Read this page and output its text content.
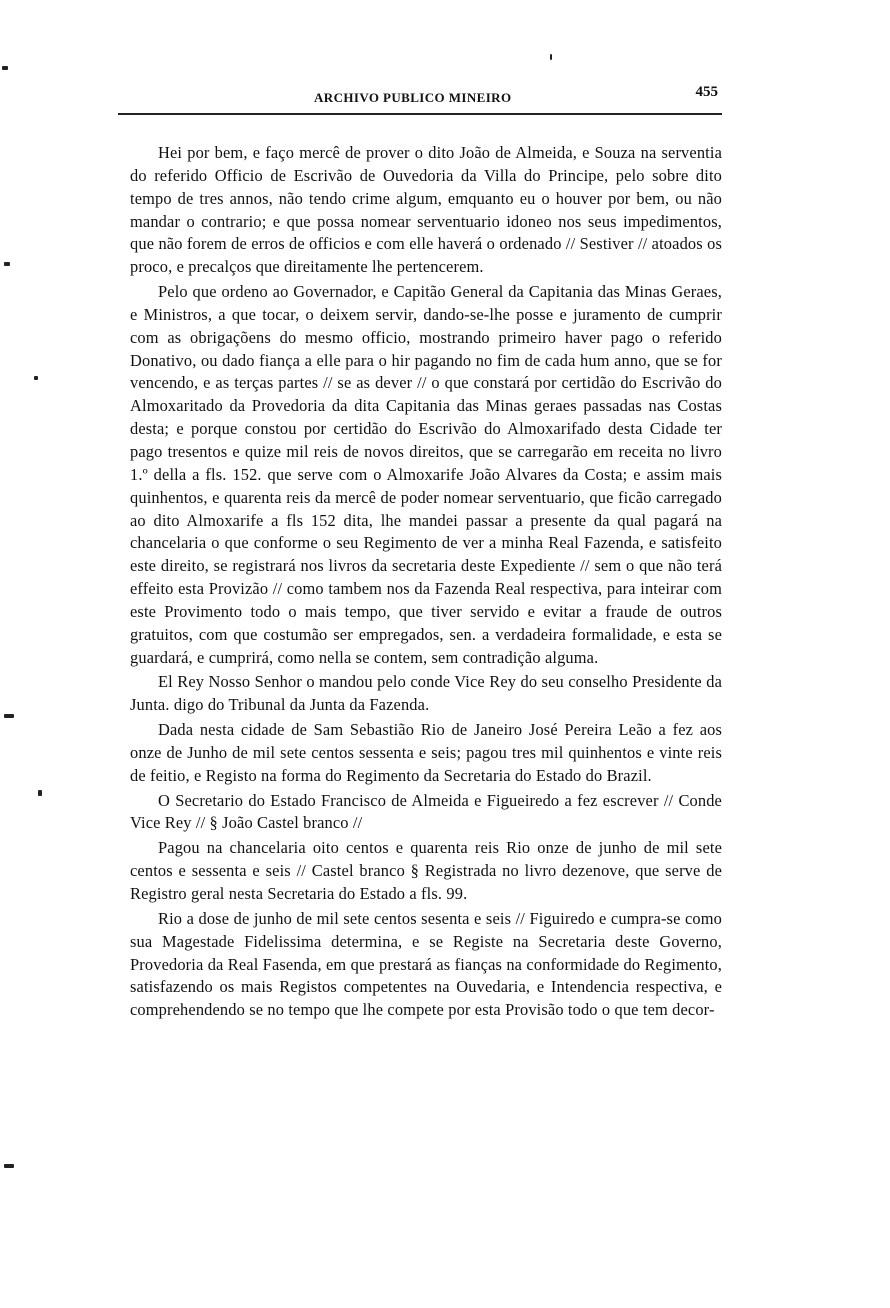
ARCHIVO PUBLICO MINEIRO	455

Hei por bem, e faço mercê de prover o dito João de Almeida, e Souza na serventia do referido Officio de Escrivão de Ouvedoria da Villa do Principe, pelo sobre dito tempo de tres annos, não tendo crime algum, emquanto eu o houver por bem, ou não mandar o contrario; e que possa nomear serventuario idoneo nos seus impedimentos, que não forem de erros de officios e com elle haverá o ordenado // Sestiver // atoados os proco, e precalços que direitamente lhe pertencerem.

Pelo que ordeno ao Governador, e Capitão General da Capitania das Minas Geraes, e Ministros, a que tocar, o deixem servir, dando-se-lhe posse e juramento de cumprir com as obrigaçõens do mesmo officio, mostrando primeiro haver pago o referido Donativo, ou dado fiança a elle para o hir pagando no fim de cada hum anno, que se for vencendo, e as terças partes // se as dever // o que constará por certidão do Escrivão do Almoxaritado da Provedoria da dita Capitania das Minas geraes passadas nas Costas desta; e porque constou por certidão do Escrivão do Almoxarifado desta Cidade ter pago tresentos e quize mil reis de novos direitos, que se carregarão em receita no livro 1.º della a fls. 152. que serve com o Almoxarife João Alvares da Costa; e assim mais quinhentos, e quarenta reis da mercê de poder nomear serventuario, que ficão carregado ao dito Almoxarife a fls 152 dita, lhe mandei passar a presente da qual pagará na chancelaria o que conforme o seu Regimento de ver a minha Real Fazenda, e satisfeito este direito, se registrará nos livros da secretaria deste Expediente // sem o que não terá effeito esta Provizão // como tambem nos da Fazenda Real respectiva, para inteirar com este Provimento todo o mais tempo, que tiver servido e evitar a fraude de outros gratuitos, com que costumão ser empregados, sen. a verdadeira formalidade, e esta se guardará, e cumprirá, como nella se contem, sem contradição alguma.

El Rey Nosso Senhor o mandou pelo conde Vice Rey do seu conselho Presidente da Junta. digo do Tribunal da Junta da Fazenda.

Dada nesta cidade de Sam Sebastião Rio de Janeiro José Pereira Leão a fez aos onze de Junho de mil sete centos sessenta e seis; pagou tres mil quinhentos e vinte reis de feitio, e Registo na forma do Regimento da Secretaria do Estado do Brazil.

O Secretario do Estado Francisco de Almeida e Figueiredo a fez escrever // Conde Vice Rey // § João Castel branco //

Pagou na chancelaria oito centos e quarenta reis Rio onze de junho de mil sete centos e sessenta e seis // Castel branco § Registrada no livro dezenove, que serve de Registro geral nesta Secretaria do Estado a fls. 99.

Rio a dose de junho de mil sete centos sesenta e seis // Figuiredo e cumpra-se como sua Magestade Fidelissima determina, e se Registe na Secretaria deste Governo, Provedoria da Real Fasenda, em que prestará as fianças na conformidade do Regimento, satisfazendo os mais Registos competentes na Ouvedaria, e Intendencia respectiva, e comprehendendo se no tempo que lhe compete por esta Provisão todo o que tem decor-
